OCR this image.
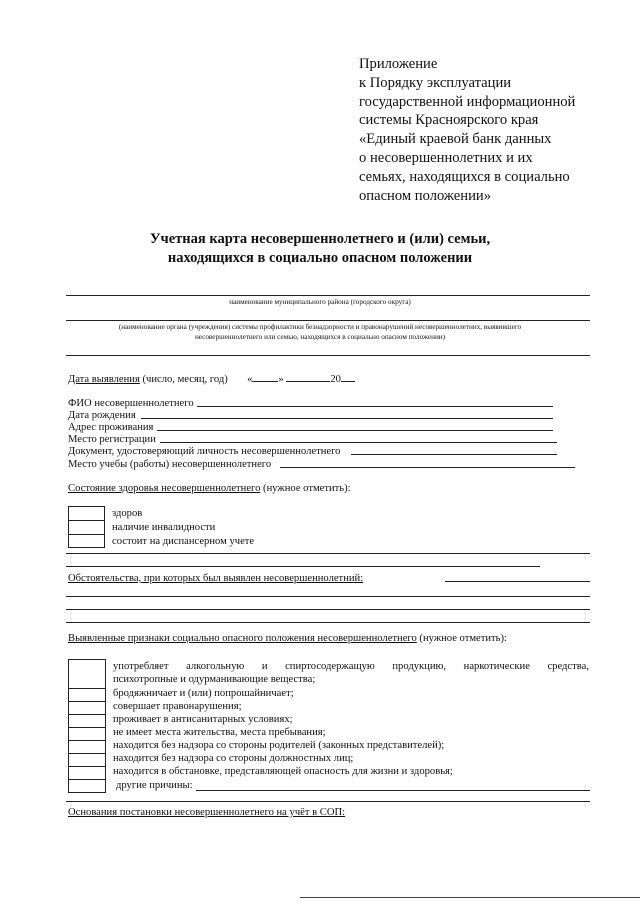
Приложение
к Порядку эксплуатации
государственной информационной
системы Красноярского края
«Единый краевой банк данных
о несовершеннолетних и их
семьях, находящихся в социально
опасном положении»
Учетная карта несовершеннолетнего и (или) семьи,
находящихся в социально опасном положении
наименование муниципального района (городского округа)
(наименование органа (учреждения) системы профилактики безнадзорности и правонарушений несовершеннолетних, выявившего
несовершеннолетнего или семью, находящихся в социально опасном положении)
Дата выявления (число, месяц, год) « »	20
ФИО несовершеннолетнего
Дата рождения
Адрес проживания
Место регистрации
Документ, удостоверяющий личность несовершеннолетнего
Место учебы (работы) несовершеннолетнего
Состояние здоровья несовершеннолетнего (нужное отметить):
здоров
наличие инвалидности
состоит на диспансерном учете
Обстоятельства, при которых был выявлен несовершеннолетний:
Выявленные признаки социально опасного положения несовершеннолетнего (нужное отметить):
употребляет алкогольную и спиртосодержащую продукцию, наркотические средства,
психотропные и одурманивающие вещества;
бродяжничает и (или) попрошайничает;
совершает правонарушения;
проживает в антисанитарных условиях;
не имеет места жительства, места пребывания;
находится без надзора со стороны родителей (законных представителей);
находится без надзора со стороны должностных лиц;
находится в обстановке, представляющей опасность для жизни и здоровья;
другие причины:
Основания постановки несовершеннолетнего на учёт в СОП:
